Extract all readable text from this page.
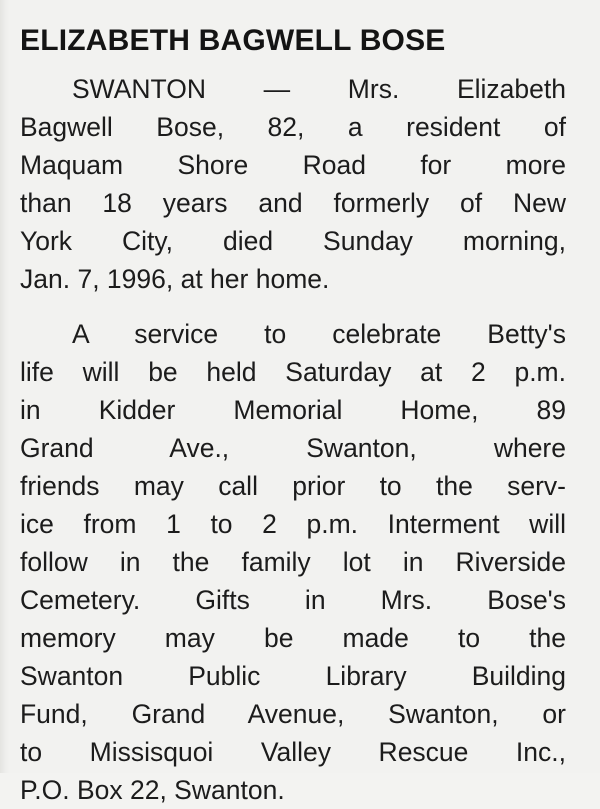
ELIZABETH BAGWELL BOSE
SWANTON — Mrs. Elizabeth
Bagwell Bose, 82, a resident of
Maquam Shore Road for more
than 18 years and formerly of New
York City, died Sunday morning,
Jan. 7, 1996, at her home.
A service to celebrate Betty's
life will be held Saturday at 2 p.m.
in Kidder Memorial Home, 89
Grand Ave., Swanton, where
friends may call prior to the serv-
ice from 1 to 2 p.m. Interment will
follow in the family lot in Riverside
Cemetery. Gifts in Mrs. Bose's
memory may be made to the
Swanton Public Library Building
Fund, Grand Avenue, Swanton, or
to Missisquoi Valley Rescue Inc.,
P.O. Box 22, Swanton.
